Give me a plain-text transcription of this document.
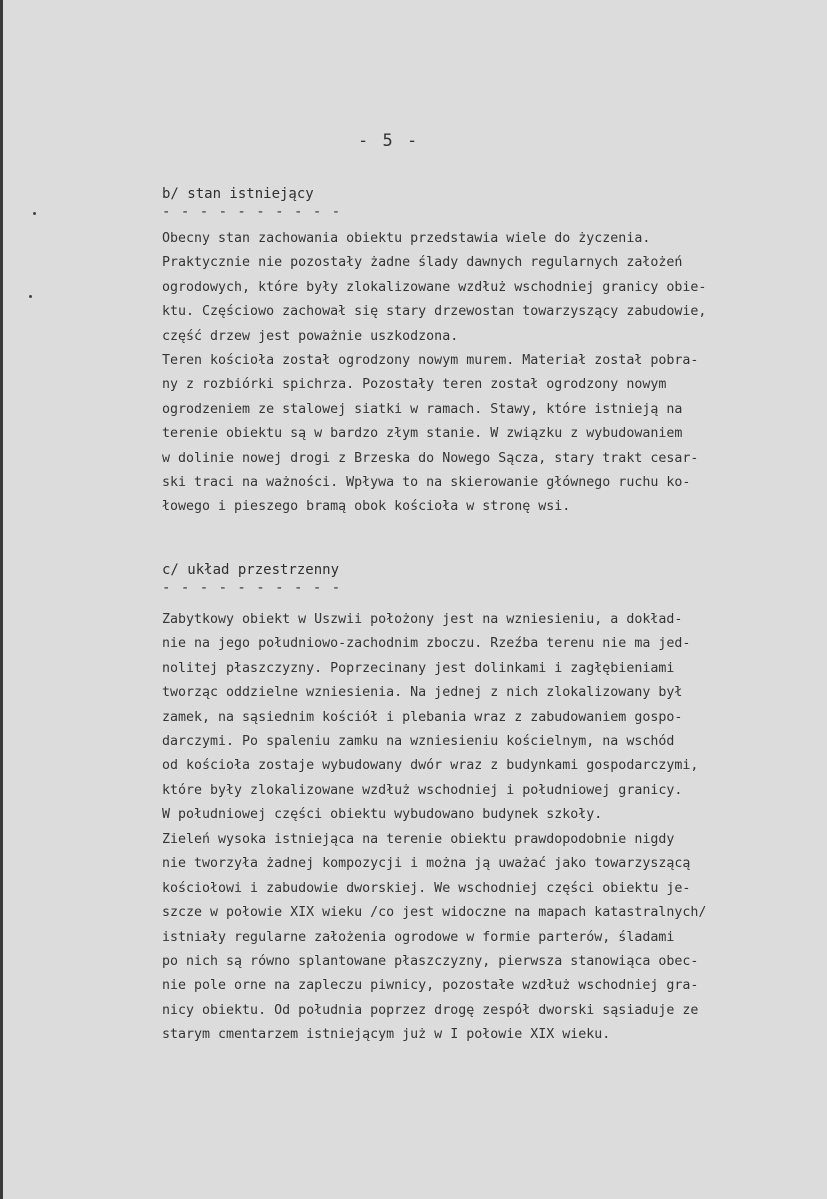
- 5 -
b/ stan istniejący
- - - - - - - - - -
Obecny stan zachowania obiektu przedstawia wiele do życzenia.
Praktycznie nie pozostały żadne ślady dawnych regularnych założeń
ogrodowych, które były zlokalizowane wzdłuż wschodniej granicy obie-
ktu. Częściowo zachował się stary drzewostan towarzyszący zabudowie,
część drzew jest poważnie uszkodzona.
Teren kościoła został ogrodzony nowym murem. Materiał został pobra-
ny z rozbiórki spichrza. Pozostały teren został ogrodzony nowym
ogrodzeniem ze stalowej siatki w ramach. Stawy, które istnieją na
terenie obiektu są w bardzo złym stanie. W związku z wybudowaniem
w dolinie nowej drogi z Brzeska do Nowego Sącza, stary trakt cesar-
ski traci na ważności. Wpływa to na skierowanie głównego ruchu ko-
łowego i pieszego bramą obok kościoła w stronę wsi.
c/ układ przestrzenny
- - - - - - - - - -
Zabytkowy obiekt w Uszwii położony jest na wzniesieniu, a dokład-
nie na jego południowo-zachodnim zboczu. Rzeźba terenu nie ma jed-
nolitej płaszczyzny. Poprzecinany jest dolinkami i zagłębieniami
tworząc oddzielne wzniesienia. Na jednej z nich zlokalizowany był
zamek, na sąsiednim kościół i plebania wraz z zabudowaniem gospo-
darczymi. Po spaleniu zamku na wzniesieniu kościelnym, na wschód
od kościoła zostaje wybudowany dwór wraz z budynkami gospodarczymi,
które były zlokalizowane wzdłuż wschodniej i południowej granicy.
W południowej części obiektu wybudowano budynek szkoły.
Zieleń wysoka istniejąca na terenie obiektu prawdopodobnie nigdy
nie tworzyła żadnej kompozycji i można ją uważać jako towarzyszącą
kościołowi i zabudowie dworskiej. We wschodniej części obiektu je-
szcze w połowie XIX wieku /co jest widoczne na mapach katastralnych/
istniały regularne założenia ogrodowe w formie parterów, śladami
po nich są równo splantowane płaszczyzny, pierwsza stanowiąca obec-
nie pole orne na zapleczu piwnicy, pozostałe wzdłuż wschodniej gra-
nicy obiektu. Od południa poprzez drogę zespół dworski sąsiaduje ze
starym cmentarzem istniejącym już w I połowie XIX wieku.
